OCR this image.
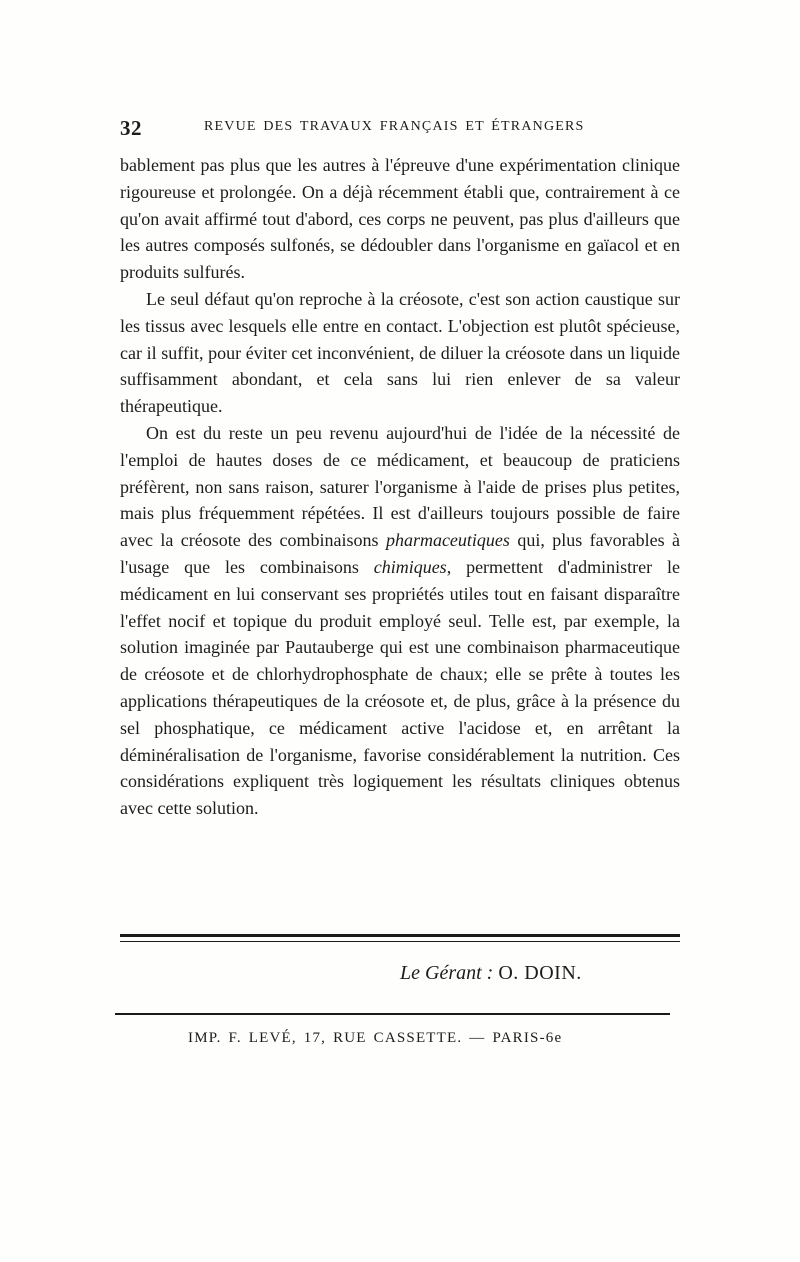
32	REVUE DES TRAVAUX FRANÇAIS ET ÉTRANGERS

bablement pas plus que les autres à l'épreuve d'une expérimentation clinique rigoureuse et prolongée. On a déjà récemment établi que, contrairement à ce qu'on avait affirmé tout d'abord, ces corps ne peuvent, pas plus d'ailleurs que les autres composés sulfonés, se dédoubler dans l'organisme en gaïacol et en produits sulfurés.

Le seul défaut qu'on reproche à la créosote, c'est son action caustique sur les tissus avec lesquels elle entre en contact. L'objection est plutôt spécieuse, car il suffit, pour éviter cet inconvénient, de diluer la créosote dans un liquide suffisamment abondant, et cela sans lui rien enlever de sa valeur thérapeutique.

On est du reste un peu revenu aujourd'hui de l'idée de la nécessité de l'emploi de hautes doses de ce médicament, et beaucoup de praticiens préfèrent, non sans raison, saturer l'organisme à l'aide de prises plus petites, mais plus fréquemment répétées. Il est d'ailleurs toujours possible de faire avec la créosote des combinaisons pharmaceutiques qui, plus favorables à l'usage que les combinaisons chimiques, permettent d'administrer le médicament en lui conservant ses propriétés utiles tout en faisant disparaître l'effet nocif et topique du produit employé seul. Telle est, par exemple, la solution imaginée par Pautauberge qui est une combinaison pharmaceutique de créosote et de chlorhydrophosphate de chaux; elle se prête à toutes les applications thérapeutiques de la créosote et, de plus, grâce à la présence du sel phosphatique, ce médicament active l'acidose et, en arrêtant la déminéralisation de l'organisme, favorise considérablement la nutrition. Ces considérations expliquent très logiquement les résultats cliniques obtenus avec cette solution.

Le Gérant : O. DOIN.
IMP. F. LEVÉ, 17, RUE CASSETTE. — PARIS-6e
